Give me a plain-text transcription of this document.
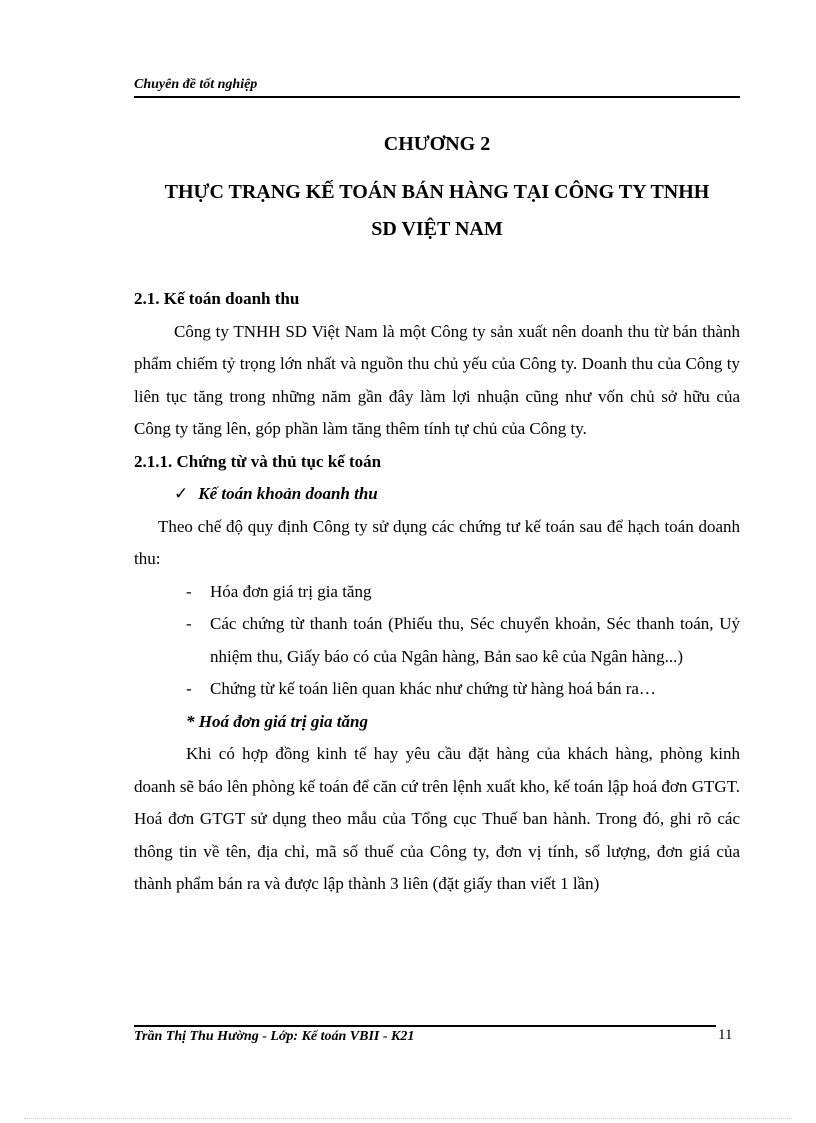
Chuyên đề tốt nghiệp
CHƯƠNG 2
THỰC TRẠNG KẾ TOÁN BÁN HÀNG TẠI CÔNG TY TNHH
SD VIỆT NAM

2.1. Kế toán doanh thu

Công ty TNHH SD Việt Nam là một Công ty sản xuất nên doanh thu từ bán thành phẩm chiếm tỷ trọng lớn nhất và nguồn thu chủ yếu của Công ty. Doanh thu của Công ty liên tục tăng trong những năm gần đây làm lợi nhuận cũng như vốn chủ sở hữu của Công ty tăng lên, góp phần làm tăng thêm tính tự chủ của Công ty.

2.1.1. Chứng từ và thủ tục kế toán

✓ Kế toán khoản doanh thu

Theo chế độ quy định Công ty sử dụng các chứng tư kế toán sau để hạch toán doanh thu:

- Hóa đơn giá trị gia tăng
- Các chứng từ thanh toán (Phiếu thu, Séc chuyển khoản, Séc thanh toán, Uỷ nhiệm thu, Giấy báo có của Ngân hàng, Bản sao kê của Ngân hàng...)
- Chứng từ kế toán liên quan khác như chứng từ hàng hoá bán ra…

* Hoá đơn giá trị gia tăng

Khi có hợp đồng kinh tế hay yêu cầu đặt hàng của khách hàng, phòng kinh doanh sẽ báo lên phòng kế toán để căn cứ trên lệnh xuất kho, kế toán lập hoá đơn GTGT. Hoá đơn GTGT sử dụng theo mẫu của Tổng cục Thuế ban hành. Trong đó, ghi rõ các thông tin về tên, địa chỉ, mã số thuế của Công ty, đơn vị tính, số lượng, đơn giá của thành phẩm bán ra và được lập thành 3 liên (đặt giấy than viết 1 lần)

Trần Thị Thu Hường - Lớp: Kế toán VBII - K21	11
